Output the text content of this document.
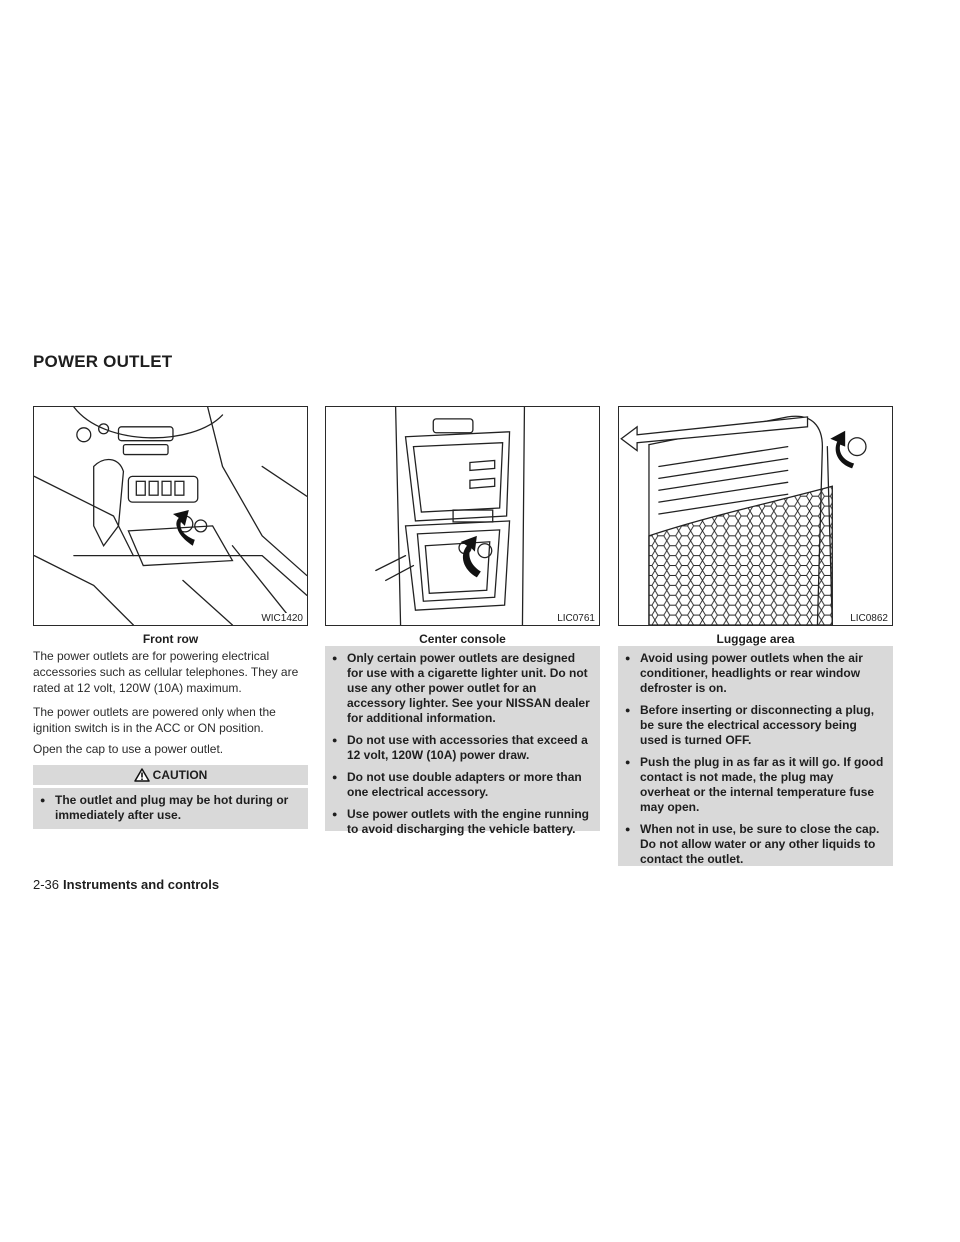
POWER OUTLET
WIC1420
Front row
LIC0761
Center console
LIC0862
Luggage area
The power outlets are for powering electrical accessories such as cellular telephones. They are rated at 12 volt, 120W (10A) maximum.
The power outlets are powered only when the ignition switch is in the ACC or ON position.
Open the cap to use a power outlet.
CAUTION
● The outlet and plug may be hot during or immediately after use.
● Only certain power outlets are designed for use with a cigarette lighter unit. Do not use any other power outlet for an accessory lighter. See your NISSAN dealer for additional information.
● Do not use with accessories that exceed a 12 volt, 120W (10A) power draw.
● Do not use double adapters or more than one electrical accessory.
● Use power outlets with the engine running to avoid discharging the vehicle battery.
● Avoid using power outlets when the air conditioner, headlights or rear window defroster is on.
● Before inserting or disconnecting a plug, be sure the electrical accessory being used is turned OFF.
● Push the plug in as far as it will go. If good contact is not made, the plug may overheat or the internal temperature fuse may open.
● When not in use, be sure to close the cap. Do not allow water or any other liquids to contact the outlet.
2-36 Instruments and controls
